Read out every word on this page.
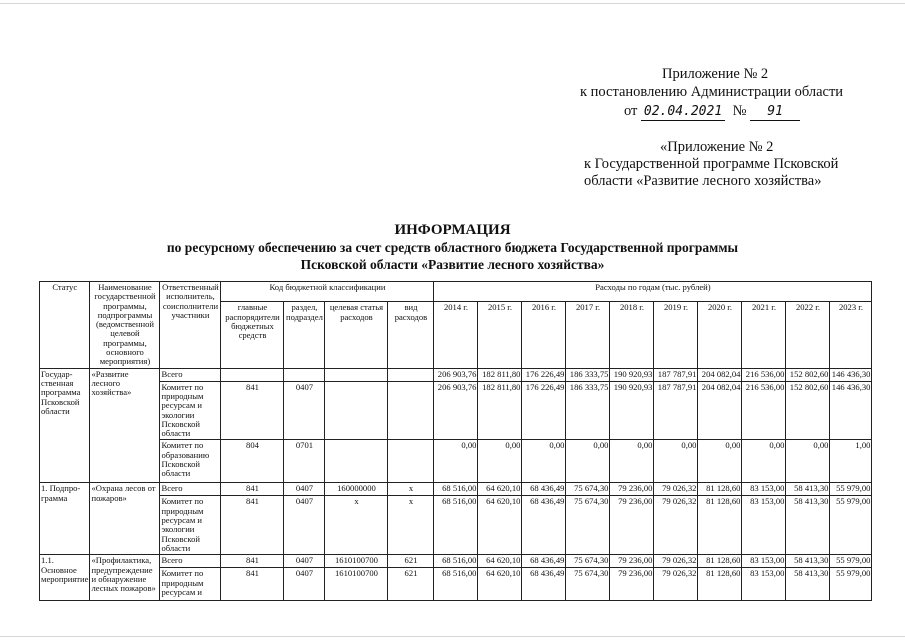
Приложение № 2
к постановлению Администрации области
от 02.04.2021 № 91
«Приложение № 2
к Государственной программе Псковской
области «Развитие лесного хозяйства»
ИНФОРМАЦИЯ
по ресурсному обеспечению за счет средств областного бюджета Государственной программы
Псковской области «Развитие лесного хозяйства»
Статус	Наименование государственной программы, подпрограммы (ведомственной целевой программы, основного мероприятия)	Ответственный исполнитель, соисполнители участники	Код бюджетной классификации				Расходы по годам (тыс. рублей)									
			главные распорядители бюджетных средств	раздел, подраздел	целевая статья расходов	вид расходов	2014 г.	2015 г.	2016 г.	2017 г.	2018 г.	2019 г.	2020 г.	2021 г.	2022 г.	2023 г.
Государ-ственная программа Псковской области	«Развитие лесного хозяйства»	Всего					206 903,76	182 811,80	176 226,49	186 333,75	190 920,93	187 787,91	204 082,04	216 536,00	152 802,60	146 436,30
		Комитет по природным ресурсам и экологии Псковской области	841	0407			206 903,76	182 811,80	176 226,49	186 333,75	190 920,93	187 787,91	204 082,04	216 536,00	152 802,60	146 436,30
		Комитет по образованию Псковской области	804	0701			0,00	0,00	0,00	0,00	0,00	0,00	0,00	0,00	0,00	1,00
1. Подпро-грамма	«Охрана лесов от пожаров»	Всего	841	0407	160000000	х	68 516,00	64 620,10	68 436,49	75 674,30	79 236,00	79 026,32	81 128,60	83 153,00	58 413,30	55 979,00
		Комитет по природным ресурсам и экологии Псковской области	841	0407	х	х	68 516,00	64 620,10	68 436,49	75 674,30	79 236,00	79 026,32	81 128,60	83 153,00	58 413,30	55 979,00
1.1. Основное мероприятие	«Профилактика, предупреждение и обнаружение лесных пожаров»	Всего	841	0407	1610100700	621	68 516,00	64 620,10	68 436,49	75 674,30	79 236,00	79 026,32	81 128,60	83 153,00	58 413,30	55 979,00
		Комитет по природным ресурсам и	841	0407	1610100700	621	68 516,00	64 620,10	68 436,49	75 674,30	79 236,00	79 026,32	81 128,60	83 153,00	58 413,30	55 979,00
